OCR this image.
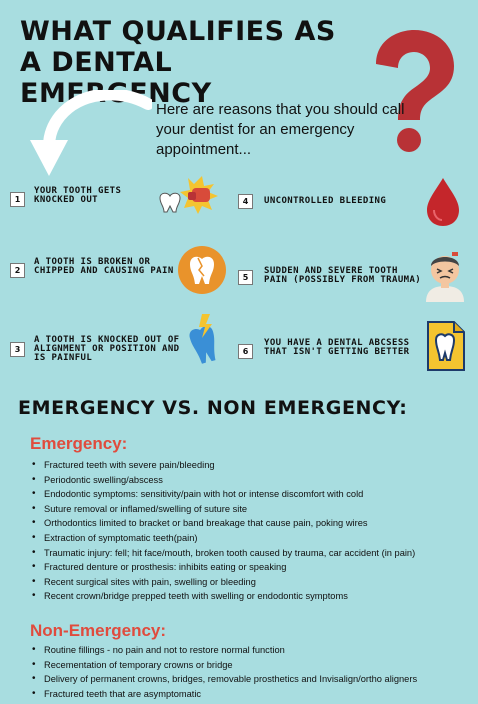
WHAT QUALIFIES AS A DENTAL EMERGENCY
Here are reasons that you should call your dentist for an emergency appointment...
1
YOUR TOOTH GETS KNOCKED OUT
2
A TOOTH IS BROKEN OR CHIPPED AND CAUSING PAIN
3
A TOOTH IS KNOCKED OUT OF ALIGNMENT OR POSITION AND IS PAINFUL
4	UNCONTROLLED BLEEDING
5
SUDDEN AND SEVERE TOOTH PAIN (POSSIBLY FROM TRAUMA)
6
YOU HAVE A DENTAL ABCSESS THAT ISN'T GETTING BETTER
EMERGENCY VS. NON EMERGENCY:
Emergency:
• Fractured teeth with severe pain/bleeding
• Periodontic swelling/abscess
• Endodontic symptoms: sensitivity/pain with hot or intense discomfort with cold
• Suture removal or inflamed/swelling of suture site
• Orthodontics limited to bracket or band breakage that cause pain, poking wires
• Extraction of symptomatic teeth(pain)
• Traumatic injury: fell; hit face/mouth, broken tooth caused by trauma, car accident (in pain)
• Fractured denture or prosthesis: inhibits eating or speaking
• Recent surgical sites with pain, swelling or bleeding
• Recent crown/bridge prepped teeth with swelling or endodontic symptoms
Non-Emergency:
• Routine fillings - no pain and not to restore normal function
• Recementation of temporary crowns or bridge
• Delivery of permanent crowns, bridges, removable prosthetics and Invisalign/ortho aligners
• Fractured teeth that are asymptomatic
